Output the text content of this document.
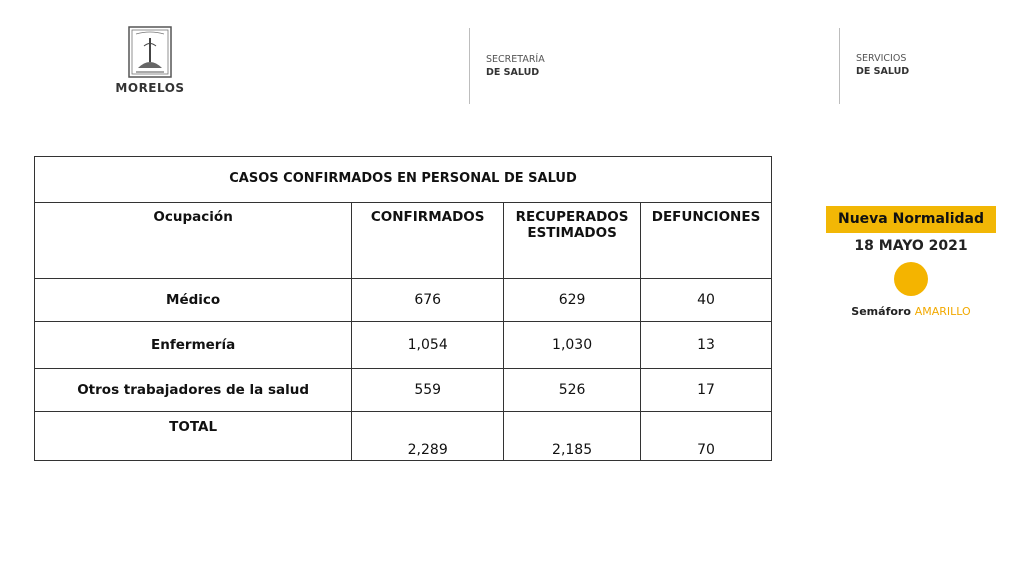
MORELOS
SECRETARÍA
DE SALUD
SERVICIOS
DE SALUD
CASOS CONFIRMADOS EN PERSONAL DE SALUD			
Ocupación	CONFIRMADOS	RECUPERADOS ESTIMADOS	DEFUNCIONES
Médico	676	629	40
Enfermería	1,054	1,030	13
Otros trabajadores de la salud	559	526	17
TOTAL	2,289	2,185	70
Nueva Normalidad
18 MAYO 2021
Semáforo AMARILLO
